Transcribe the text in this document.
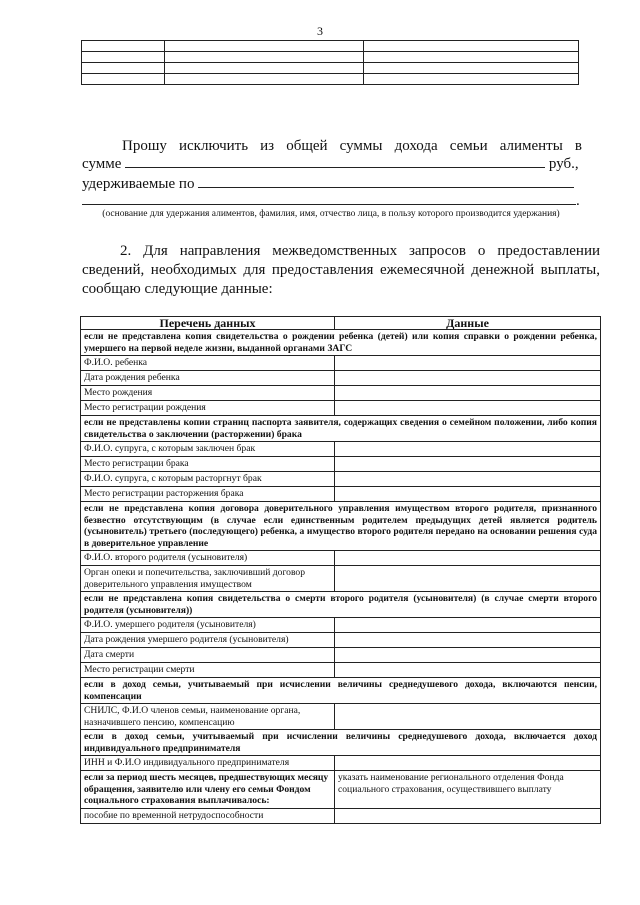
3

Прошу исключить из общей суммы дохода семьи алименты в
сумме	руб.,
удерживаемые по
.
(основание для удержания алиментов, фамилия, имя, отчество лица, в пользу которого производится удержания)
2. Для направления межведомственных запросов о предоставлении сведений, необходимых для предоставления ежемесячной денежной выплаты, сообщаю следующие данные:
Перечень данных	Данные
если не представлена копия свидетельства о рождении ребенка (детей) или копия справки о рождении ребенка, умершего на первой неделе жизни, выданной органами ЗАГС	
Ф.И.О. ребенка	
Дата рождения ребенка	
Место рождения	
Место регистрации рождения	
если не представлены копии страниц паспорта заявителя, содержащих сведения о семейном положении, либо копия свидетельства о заключении (расторжении) брака	
Ф.И.О. супруга, с которым заключен брак	
Место регистрации брака	
Ф.И.О. супруга, с которым расторгнут брак	
Место регистрации расторжения брака	
если не представлена копия договора доверительного управления имуществом второго родителя, признанного безвестно отсутствующим (в случае если единственным родителем предыдущих детей является родитель (усыновитель) третьего (последующего) ребенка, а имущество второго родителя передано на основании решения суда в доверительное управление	
Ф.И.О. второго родителя (усыновителя)	
Орган опеки и попечительства, заключивший договор доверительного управления имуществом	
если не представлена копия свидетельства о смерти второго родителя (усыновителя) (в случае смерти второго родителя (усыновителя))	
Ф.И.О. умершего родителя (усыновителя)	
Дата рождения умершего родителя (усыновителя)	
Дата смерти	
Место регистрации смерти	
если в доход семьи, учитываемый при исчислении величины среднедушевого дохода, включаются пенсии, компенсации	
СНИЛС, Ф.И.О членов семьи, наименование органа, назначившего пенсию, компенсацию	
если в доход семьи, учитываемый при исчислении величины среднедушевого дохода, включается доход индивидуального предпринимателя	
ИНН и Ф.И.О индивидуального предпринимателя	
если за период шесть месяцев, предшествующих месяцу обращения, заявителю или члену его семьи Фондом социального страхования выплачивалось:	указать наименование регионального отделения Фонда социального страхования, осуществившего выплату
пособие по временной нетрудоспособности	
